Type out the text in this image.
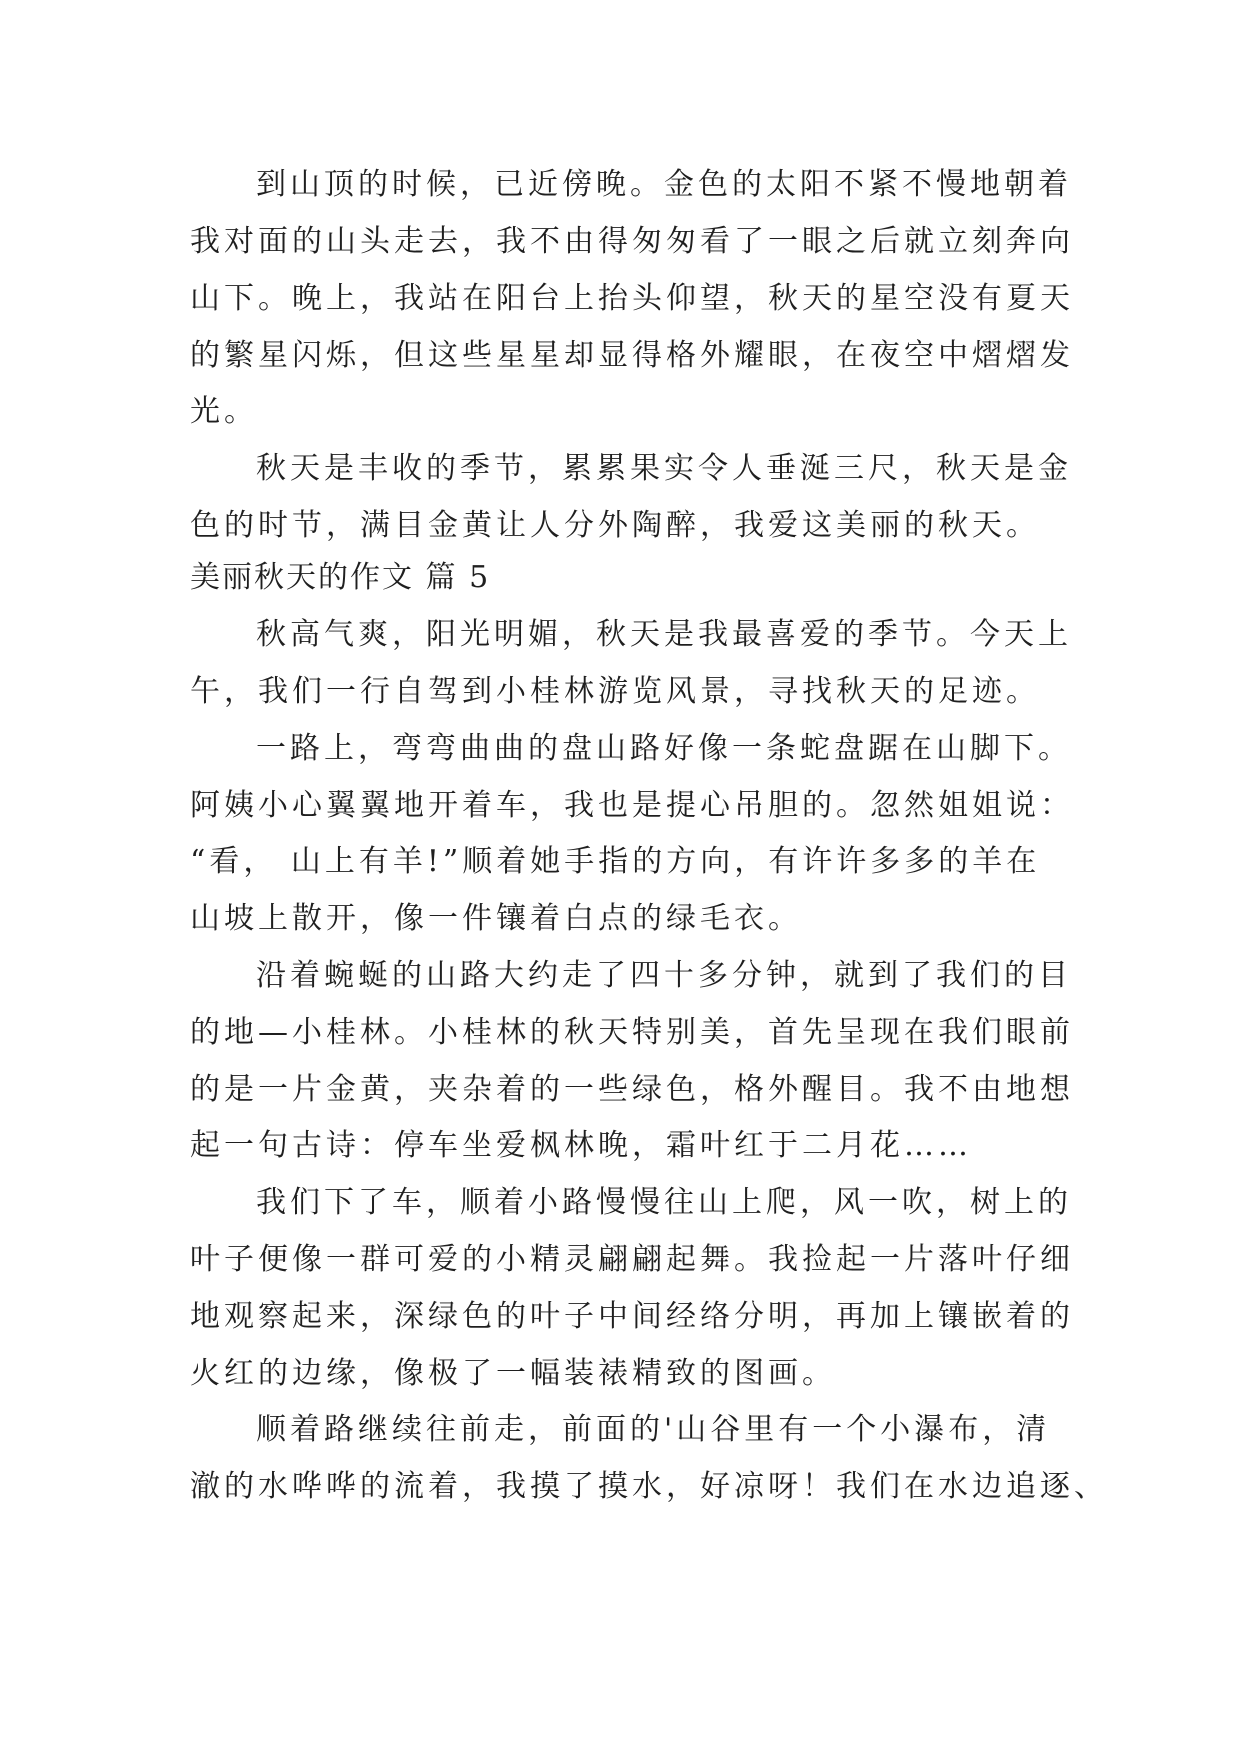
到山顶的时候，已近傍晚。金色的太阳不紧不慢地朝着
我对面的山头走去，我不由得匆匆看了一眼之后就立刻奔向
山下。晚上，我站在阳台上抬头仰望，秋天的星空没有夏天
的繁星闪烁，但这些星星却显得格外耀眼，在夜空中熠熠发
光。
秋天是丰收的季节，累累果实令人垂涎三尺，秋天是金
色的时节，满目金黄让人分外陶醉，我爱这美丽的秋天。
美丽秋天的作文 篇 5
秋高气爽，阳光明媚，秋天是我最喜爱的季节。今天上
午，我们一行自驾到小桂林游览风景，寻找秋天的足迹。
一路上，弯弯曲曲的盘山路好像一条蛇盘踞在山脚下。
阿姨小心翼翼地开着车，我也是提心吊胆的。忽然姐姐说：
“看， 山上有羊!”顺着她手指的方向，有许许多多的羊在
山坡上散开，像一件镶着白点的绿毛衣。
沿着蜿蜒的山路大约走了四十多分钟，就到了我们的目
的地—小桂林。小桂林的秋天特别美，首先呈现在我们眼前
的是一片金黄，夹杂着的一些绿色，格外醒目。我不由地想
起一句古诗：停车坐爱枫林晚，霜叶红于二月花……
我们下了车，顺着小路慢慢往山上爬，风一吹，树上的
叶子便像一群可爱的小精灵翩翩起舞。我捡起一片落叶仔细
地观察起来，深绿色的叶子中间经络分明，再加上镶嵌着的
火红的边缘，像极了一幅装裱精致的图画。
顺着路继续往前走，前面的'山谷里有一个小瀑布，清
澈的水哗哗的流着，我摸了摸水，好凉呀！我们在水边追逐、
